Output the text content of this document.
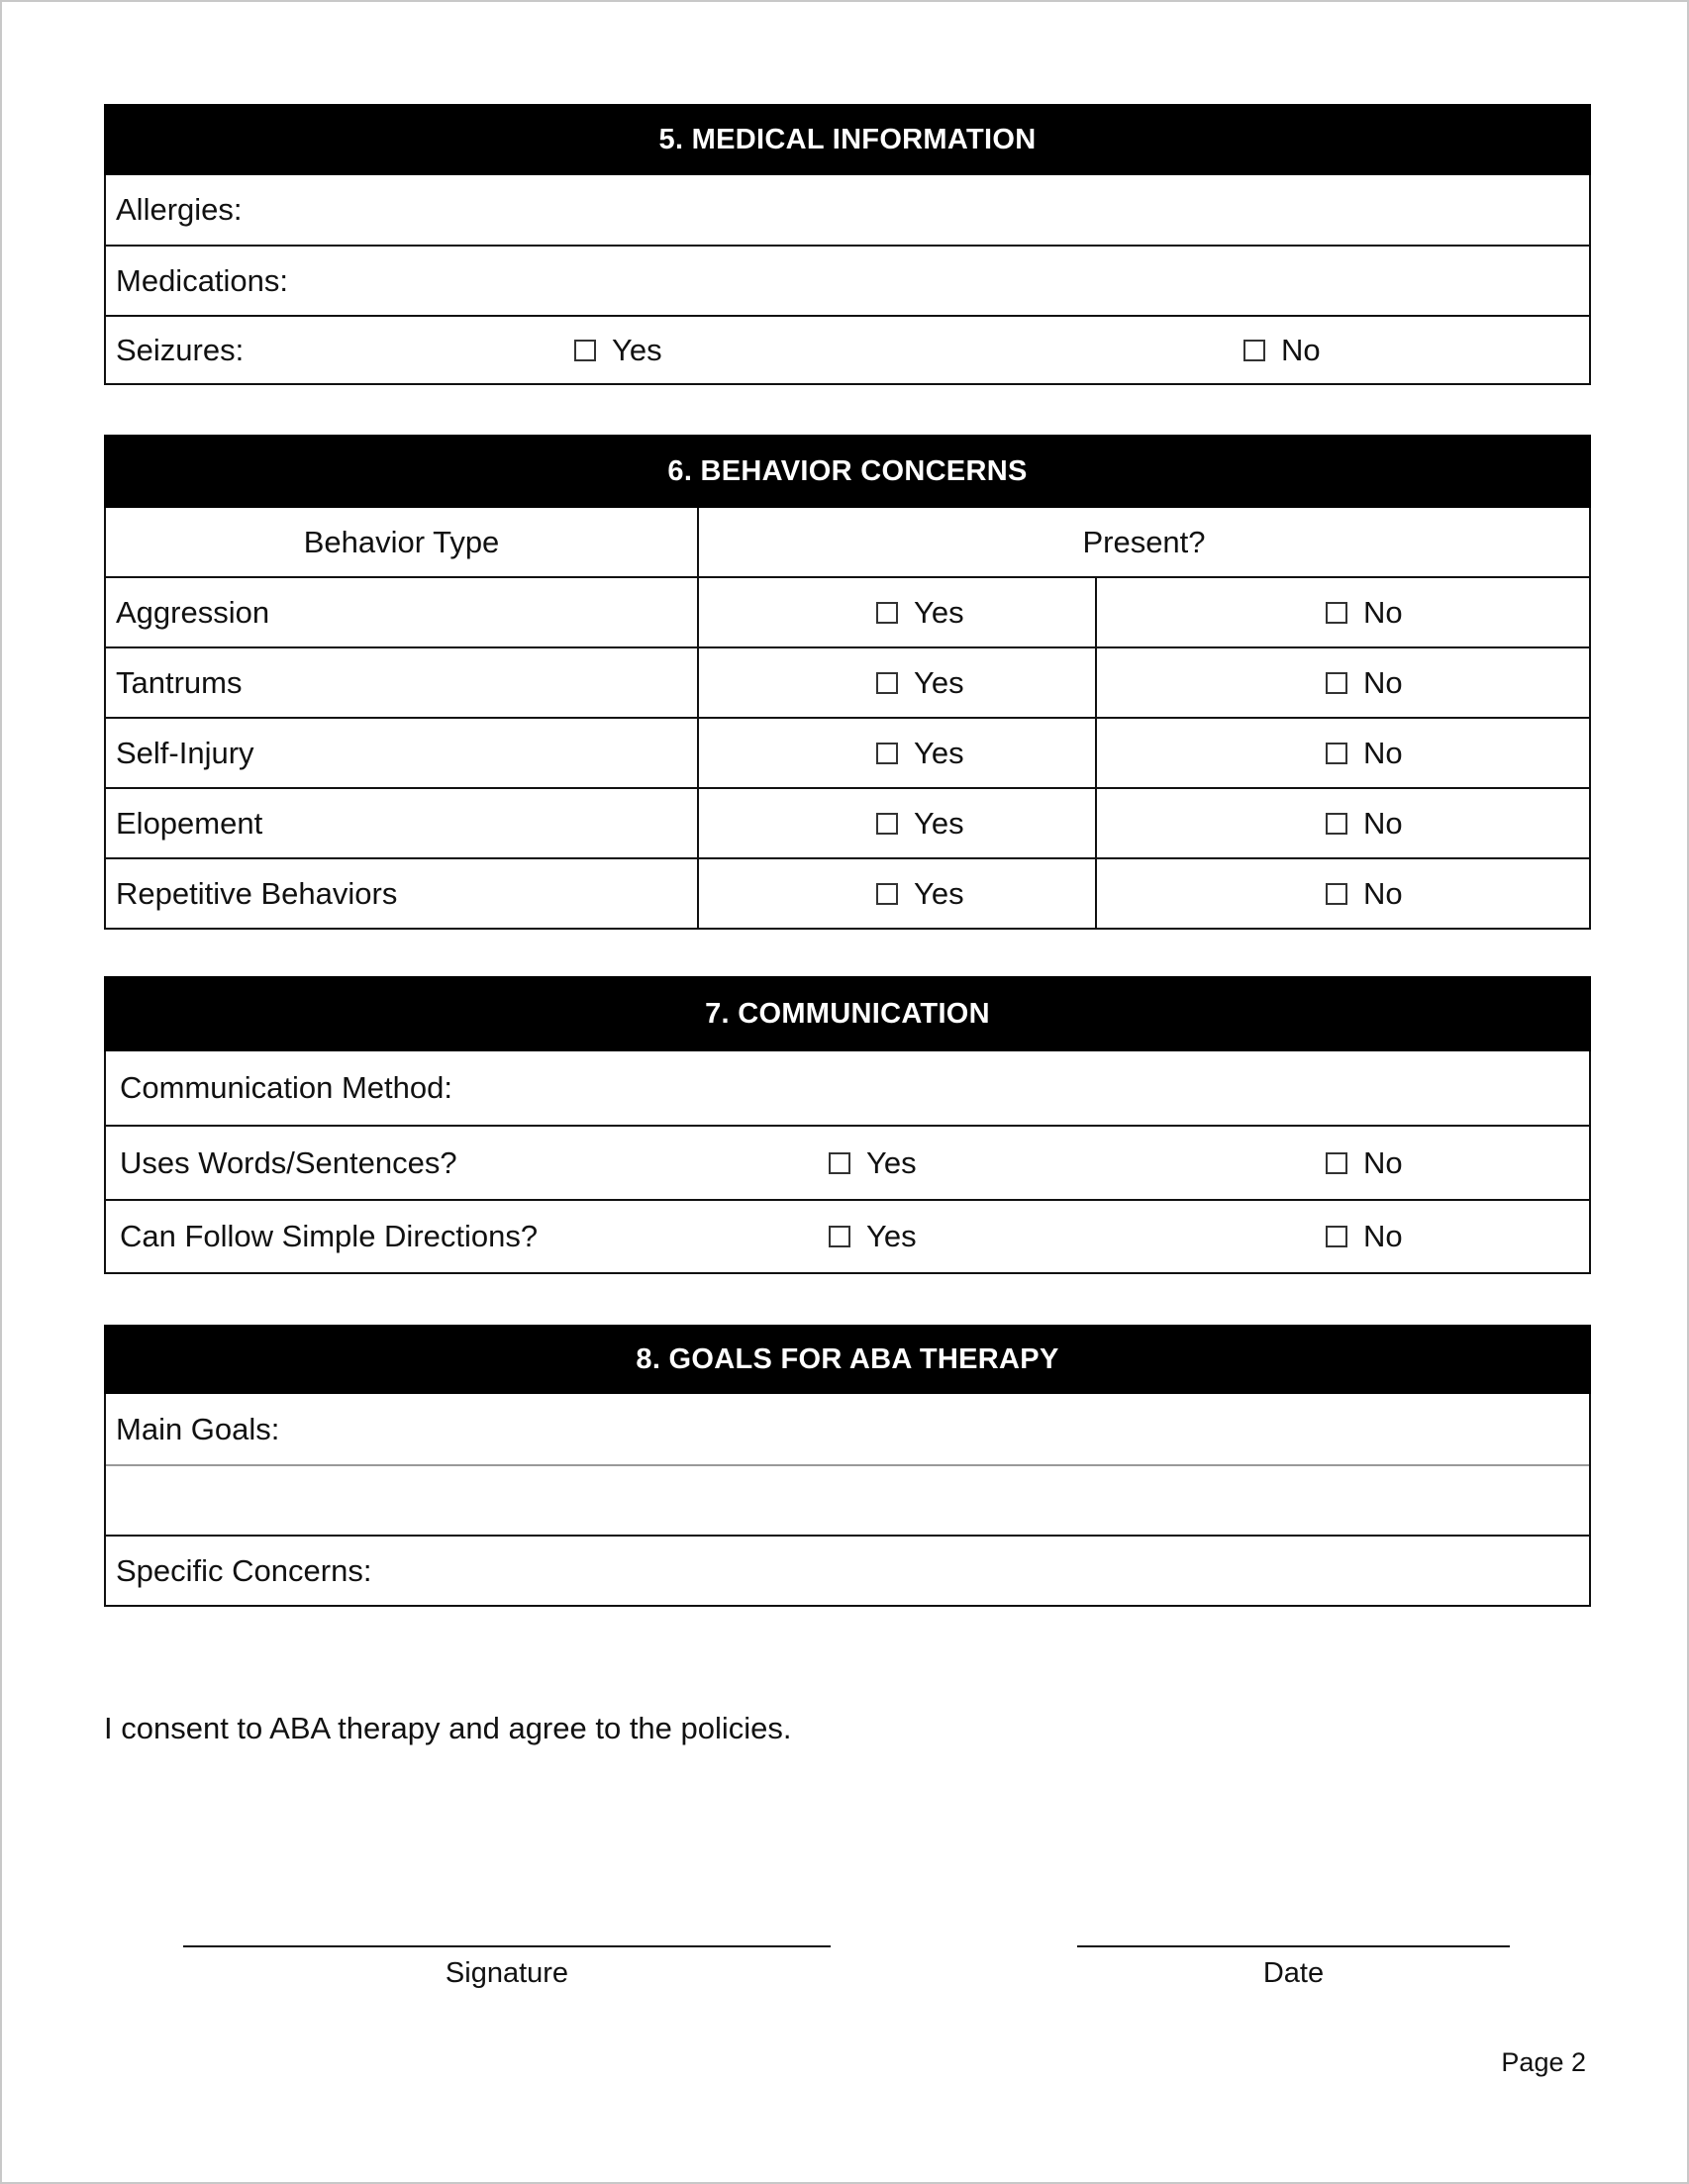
5. MEDICAL INFORMATION
Allergies:
Medications:
Seizures:	Yes	No
6. BEHAVIOR CONCERNS
Behavior Type	Present?
Aggression	Yes	No
Tantrums	Yes	No
Self-Injury	Yes	No
Elopement	Yes	No
Repetitive Behaviors	Yes	No
7. COMMUNICATION
Communication Method:
Uses Words/Sentences?	Yes	No
Can Follow Simple Directions?	Yes	No
8. GOALS FOR ABA THERAPY
Main Goals:
Specific Concerns:
I consent to ABA therapy and agree to the policies.
Signature	Date
Page 2
